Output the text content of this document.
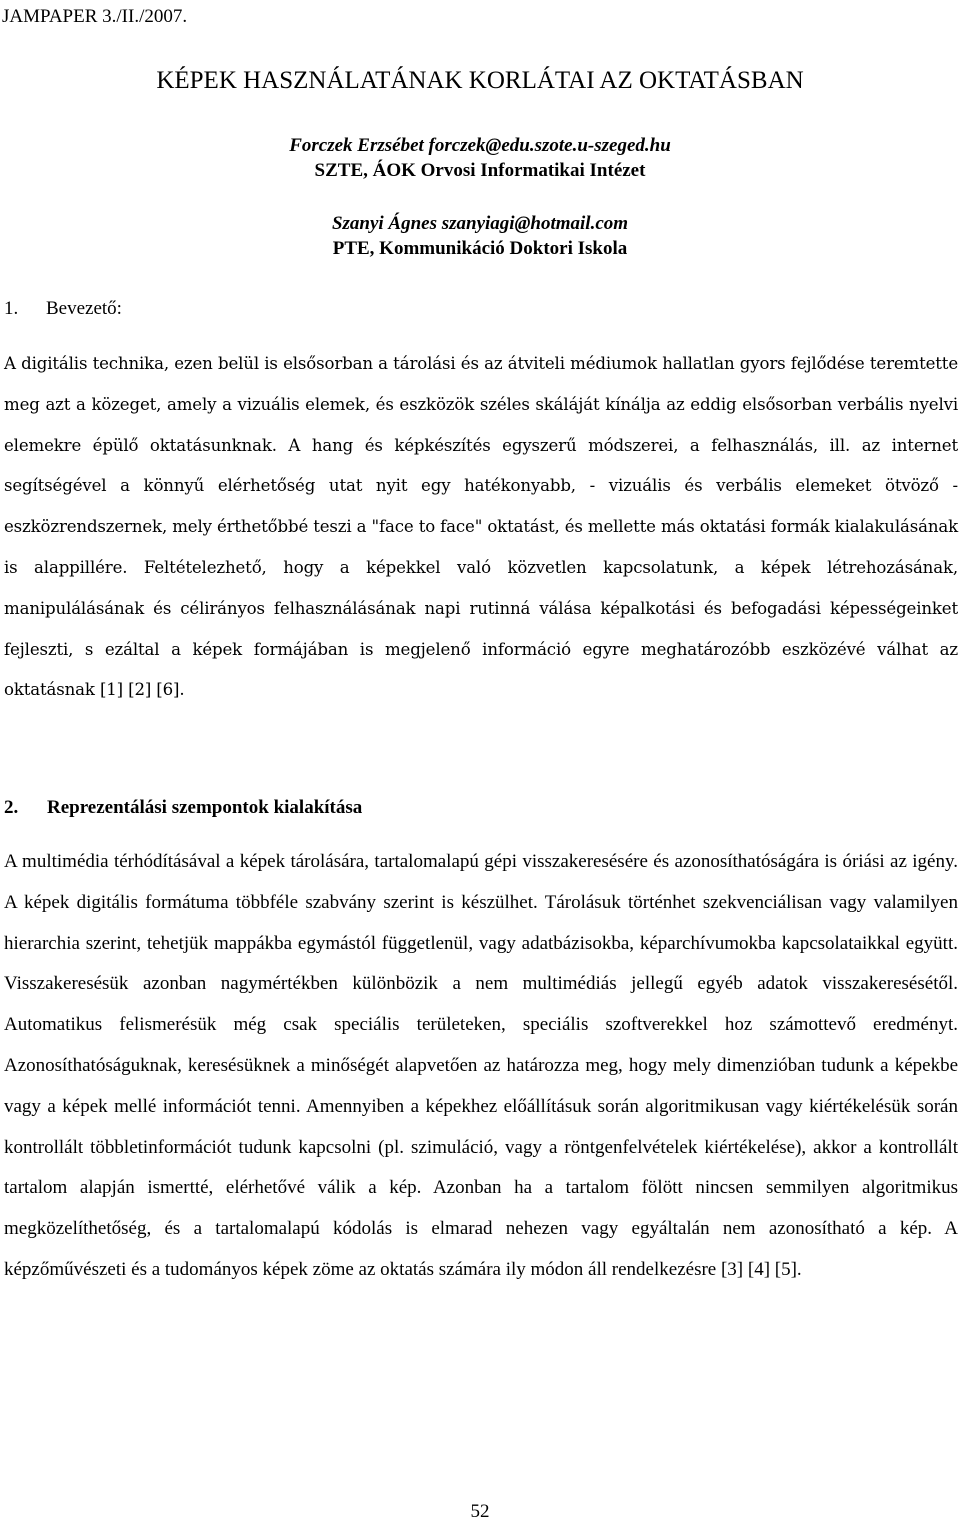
JAMPAPER 3./II./2007.
KÉPEK HASZNÁLATÁNAK KORLÁTAI AZ OKTATÁSBAN
Forczek Erzsébet forczek@edu.szote.u-szeged.hu
SZTE, ÁOK Orvosi Informatikai Intézet
Szanyi Ágnes szanyiagi@hotmail.com
PTE, Kommunikáció Doktori Iskola
1. Bevezető:
A digitális technika, ezen belül is elsősorban a tárolási és az átviteli médiumok hallatlan gyors fejlődése teremtette meg azt a közeget, amely a vizuális elemek, és eszközök széles skáláját kínálja az eddig elsősorban verbális nyelvi elemekre épülő oktatásunknak. A hang és képkészítés egyszerű módszerei, a felhasználás, ill. az internet segítségével a könnyű elérhetőség utat nyit egy hatékonyabb, - vizuális és verbális elemeket ötvöző - eszközrendszernek, mely érthetőbbé teszi a "face to face" oktatást, és mellette más oktatási formák kialakulásának is alappillére. Feltételezhető, hogy a képekkel való közvetlen kapcsolatunk, a képek létrehozásának, manipulálásának és célirányos felhasználásának napi rutinná válása képalkotási és befogadási képességeinket fejleszti, s ezáltal a képek formájában is megjelenő információ egyre meghatározóbb eszközévé válhat az oktatásnak [1] [2] [6].
2. Reprezentálási szempontok kialakítása
A multimédia térhódításával a képek tárolására, tartalomalapú gépi visszakeresésére és azonosíthatóságára is óriási az igény. A képek digitális formátuma többféle szabvány szerint is készülhet. Tárolásuk történhet szekvenciálisan vagy valamilyen hierarchia szerint, tehetjük mappákba egymástól függetlenül, vagy adatbázisokba, képarchívumokba kapcsolataikkal együtt. Visszakeresésük azonban nagymértékben különbözik a nem multimédiás jellegű egyéb adatok visszakeresésétől. Automatikus felismerésük még csak speciális területeken, speciális szoftverekkel hoz számottevő eredményt. Azonosíthatóságuknak, keresésüknek a minőségét alapvetően az határozza meg, hogy mely dimenzióban tudunk a képekbe vagy a képek mellé információt tenni. Amennyiben a képekhez előállításuk során algoritmikusan vagy kiértékelésük során kontrollált többletinformációt tudunk kapcsolni (pl. szimuláció, vagy a röntgenfelvételek kiértékelése), akkor a kontrollált tartalom alapján ismertté, elérhetővé válik a kép. Azonban ha a tartalom fölött nincsen semmilyen algoritmikus megközelíthetőség, és a tartalomalapú kódolás is elmarad nehezen vagy egyáltalán nem azonosítható a kép. A képzőművészeti és a tudományos képek zöme az oktatás számára ily módon áll rendelkezésre [3] [4] [5].
52
